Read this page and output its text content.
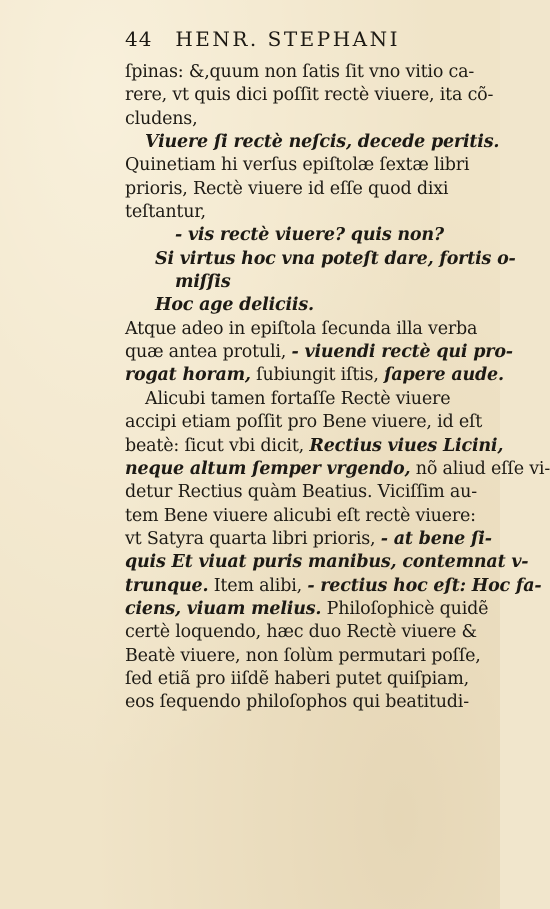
44 HENR. STEPHANI
ſpinas: &,quum non ſatis ſit vno vitio ca-
rere, vt quis dici poſſit rectè viuere, ita cõ-
cludens,
Viuere ſi rectè neſcis, decede peritis.
Quinetiam hi verſus epiſtolæ ſextæ libri
prioris, Rectè viuere id eſſe quod dixi
teſtantur,
- vis rectè viuere? quis non?
Si virtus hoc vna poteſt dare, fortis o-
miſſis
Hoc age deliciis.
Atque adeo in epiſtola ſecunda illa verba
quæ antea protuli, - viuendi rectè qui pro-
rogat horam, ſubiungit iſtis, ſapere aude.
Alicubi tamen fortaſſe Rectè viuere
accipi etiam poſſit pro Bene viuere, id eſt
beatè: ſicut vbi dicit, Rectius viues Licini,
neque altum ſemper vrgendo, nõ aliud eſſe vi-
detur Rectius quàm Beatius. Viciſſim au-
tem Bene viuere alicubi eſt rectè viuere:
vt Satyra quarta libri prioris, - at bene ſi-
quis Et viuat puris manibus, contemnat v-
trunque. Item alibi, - rectius hoc eſt: Hoc fa-
ciens, viuam melius. Philoſophicè quidẽ
certè loquendo, hæc duo Rectè viuere &
Beatè viuere, non ſolùm permutari poſſe,
ſed etiã pro iiſdẽ haberi putet quiſpiam,
eos ſequendo philoſophos qui beatitudi-
